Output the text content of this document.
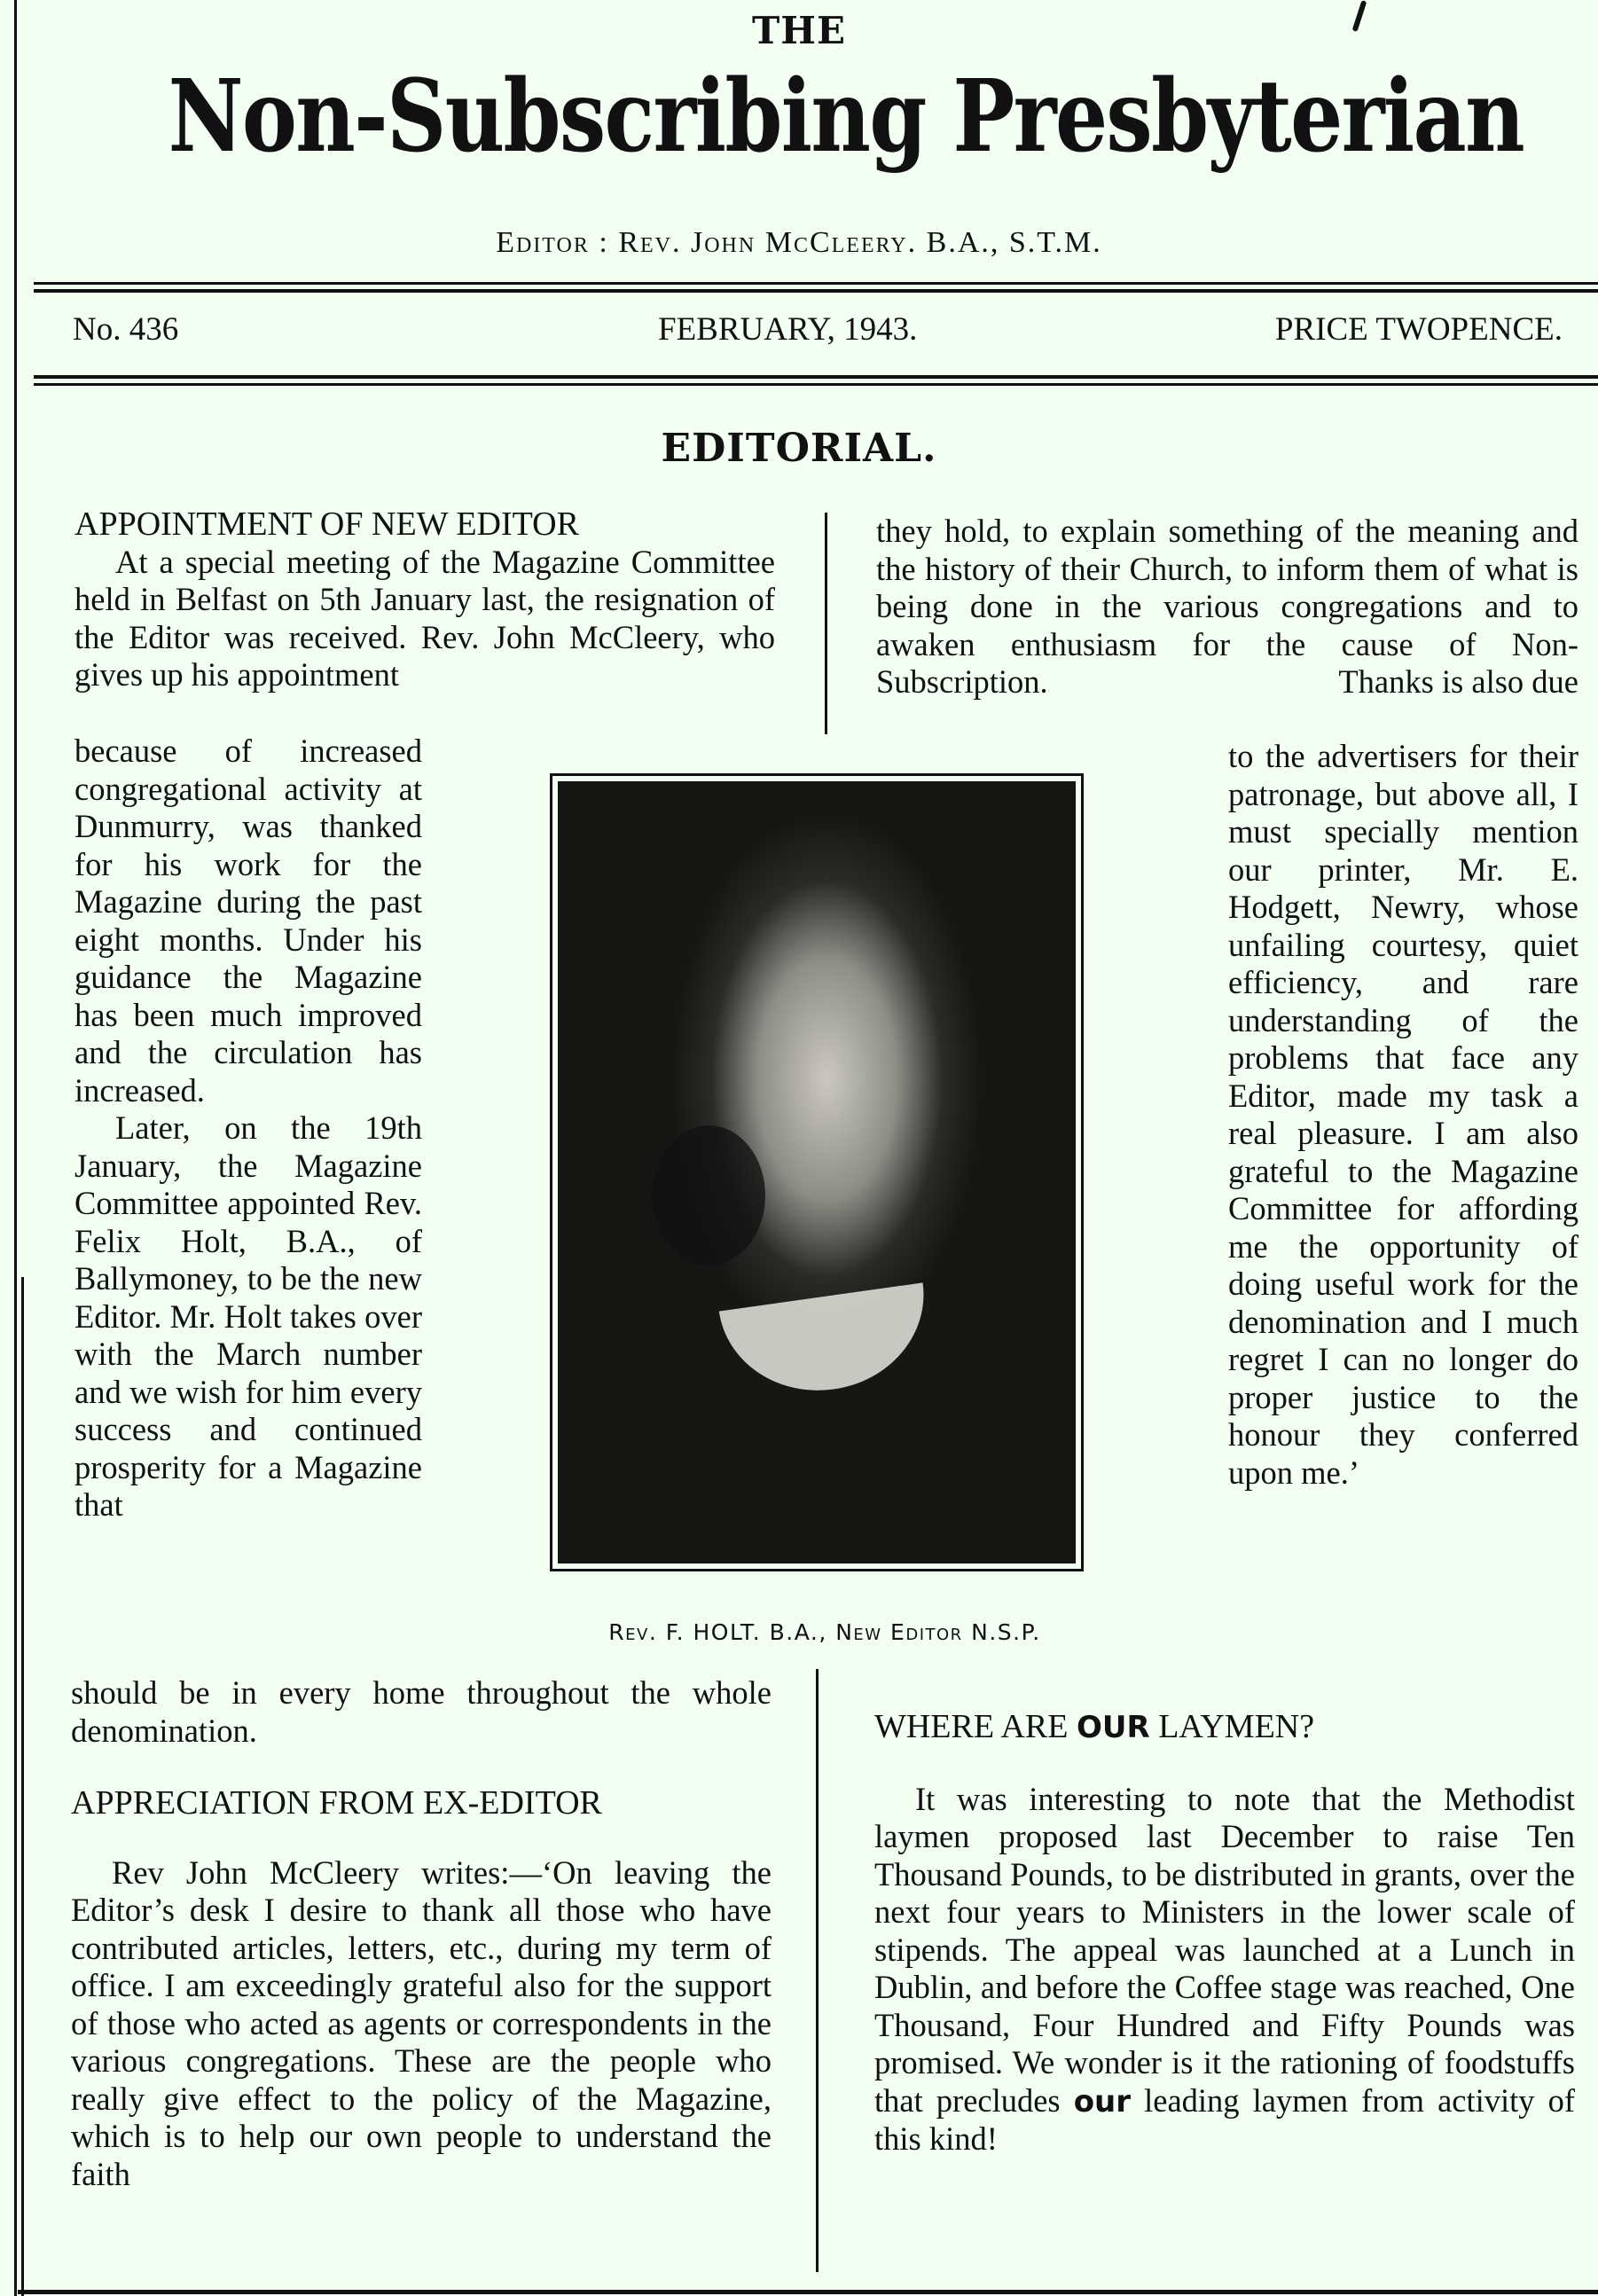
THE
Non-Subscribing Presbyterian
Editor : Rev. John McCleery. B.A., S.T.M.
No. 436	FEBRUARY, 1943.	PRICE TWOPENCE.
EDITORIAL.
APPOINTMENT OF NEW EDITOR

At a special meeting of the Magazine Committee held in Belfast on 5th January last, the resignation of the Editor was received. Rev. John McCleery, who gives up his appointment

because of increased congregational activity at Dunmurry, was thanked for his work for the Magazine during the past eight months. Under his guidance the Magazine has been much improved and the circulation has increased.

Later, on the 19th January, the Magazine Committee appointed Rev. Felix Holt, B.A., of Ballymoney, to be the new Editor. Mr. Holt takes over with the March number and we wish for him every success and continued prosperity for a Magazine that

should be in every home throughout the whole denomination.

APPRECIATION FROM EX-EDITOR

Rev John McCleery writes:—‘On leaving the Editor’s desk I desire to thank all those who have contributed articles, letters, etc., during my term of office. I am exceedingly grateful also for the support of those who acted as agents or correspondents in the various congregations. These are the people who really give effect to the policy of the Magazine, which is to help our own people to understand the faith

they hold, to explain something of the meaning and the history of their Church, to inform them of what is being done in the various congregations and to awaken enthusiasm for the cause of Non-Subscription.	Thanks is also due

to the advertisers for their patronage, but above all, I must specially mention our printer, Mr. E. Hodgett, Newry, whose unfailing courtesy, quiet efficiency, and rare understanding of the problems that face any Editor, made my task a real pleasure. I am also grateful to the Magazine Committee for affording me the opportunity of doing useful work for the denomination and I much regret I can no longer do proper justice to the honour they conferred upon me.’

Rev. F. HOLT. B.A., New Editor N.S.P.
WHERE ARE OUR LAYMEN?

It was interesting to note that the Methodist laymen proposed last December to raise Ten Thousand Pounds, to be distributed in grants, over the next four years to Ministers in the lower scale of stipends. The appeal was launched at a Lunch in Dublin, and before the Coffee stage was reached, One Thousand, Four Hundred and Fifty Pounds was promised. We wonder is it the rationing of foodstuffs that precludes our leading laymen from activity of this kind!
